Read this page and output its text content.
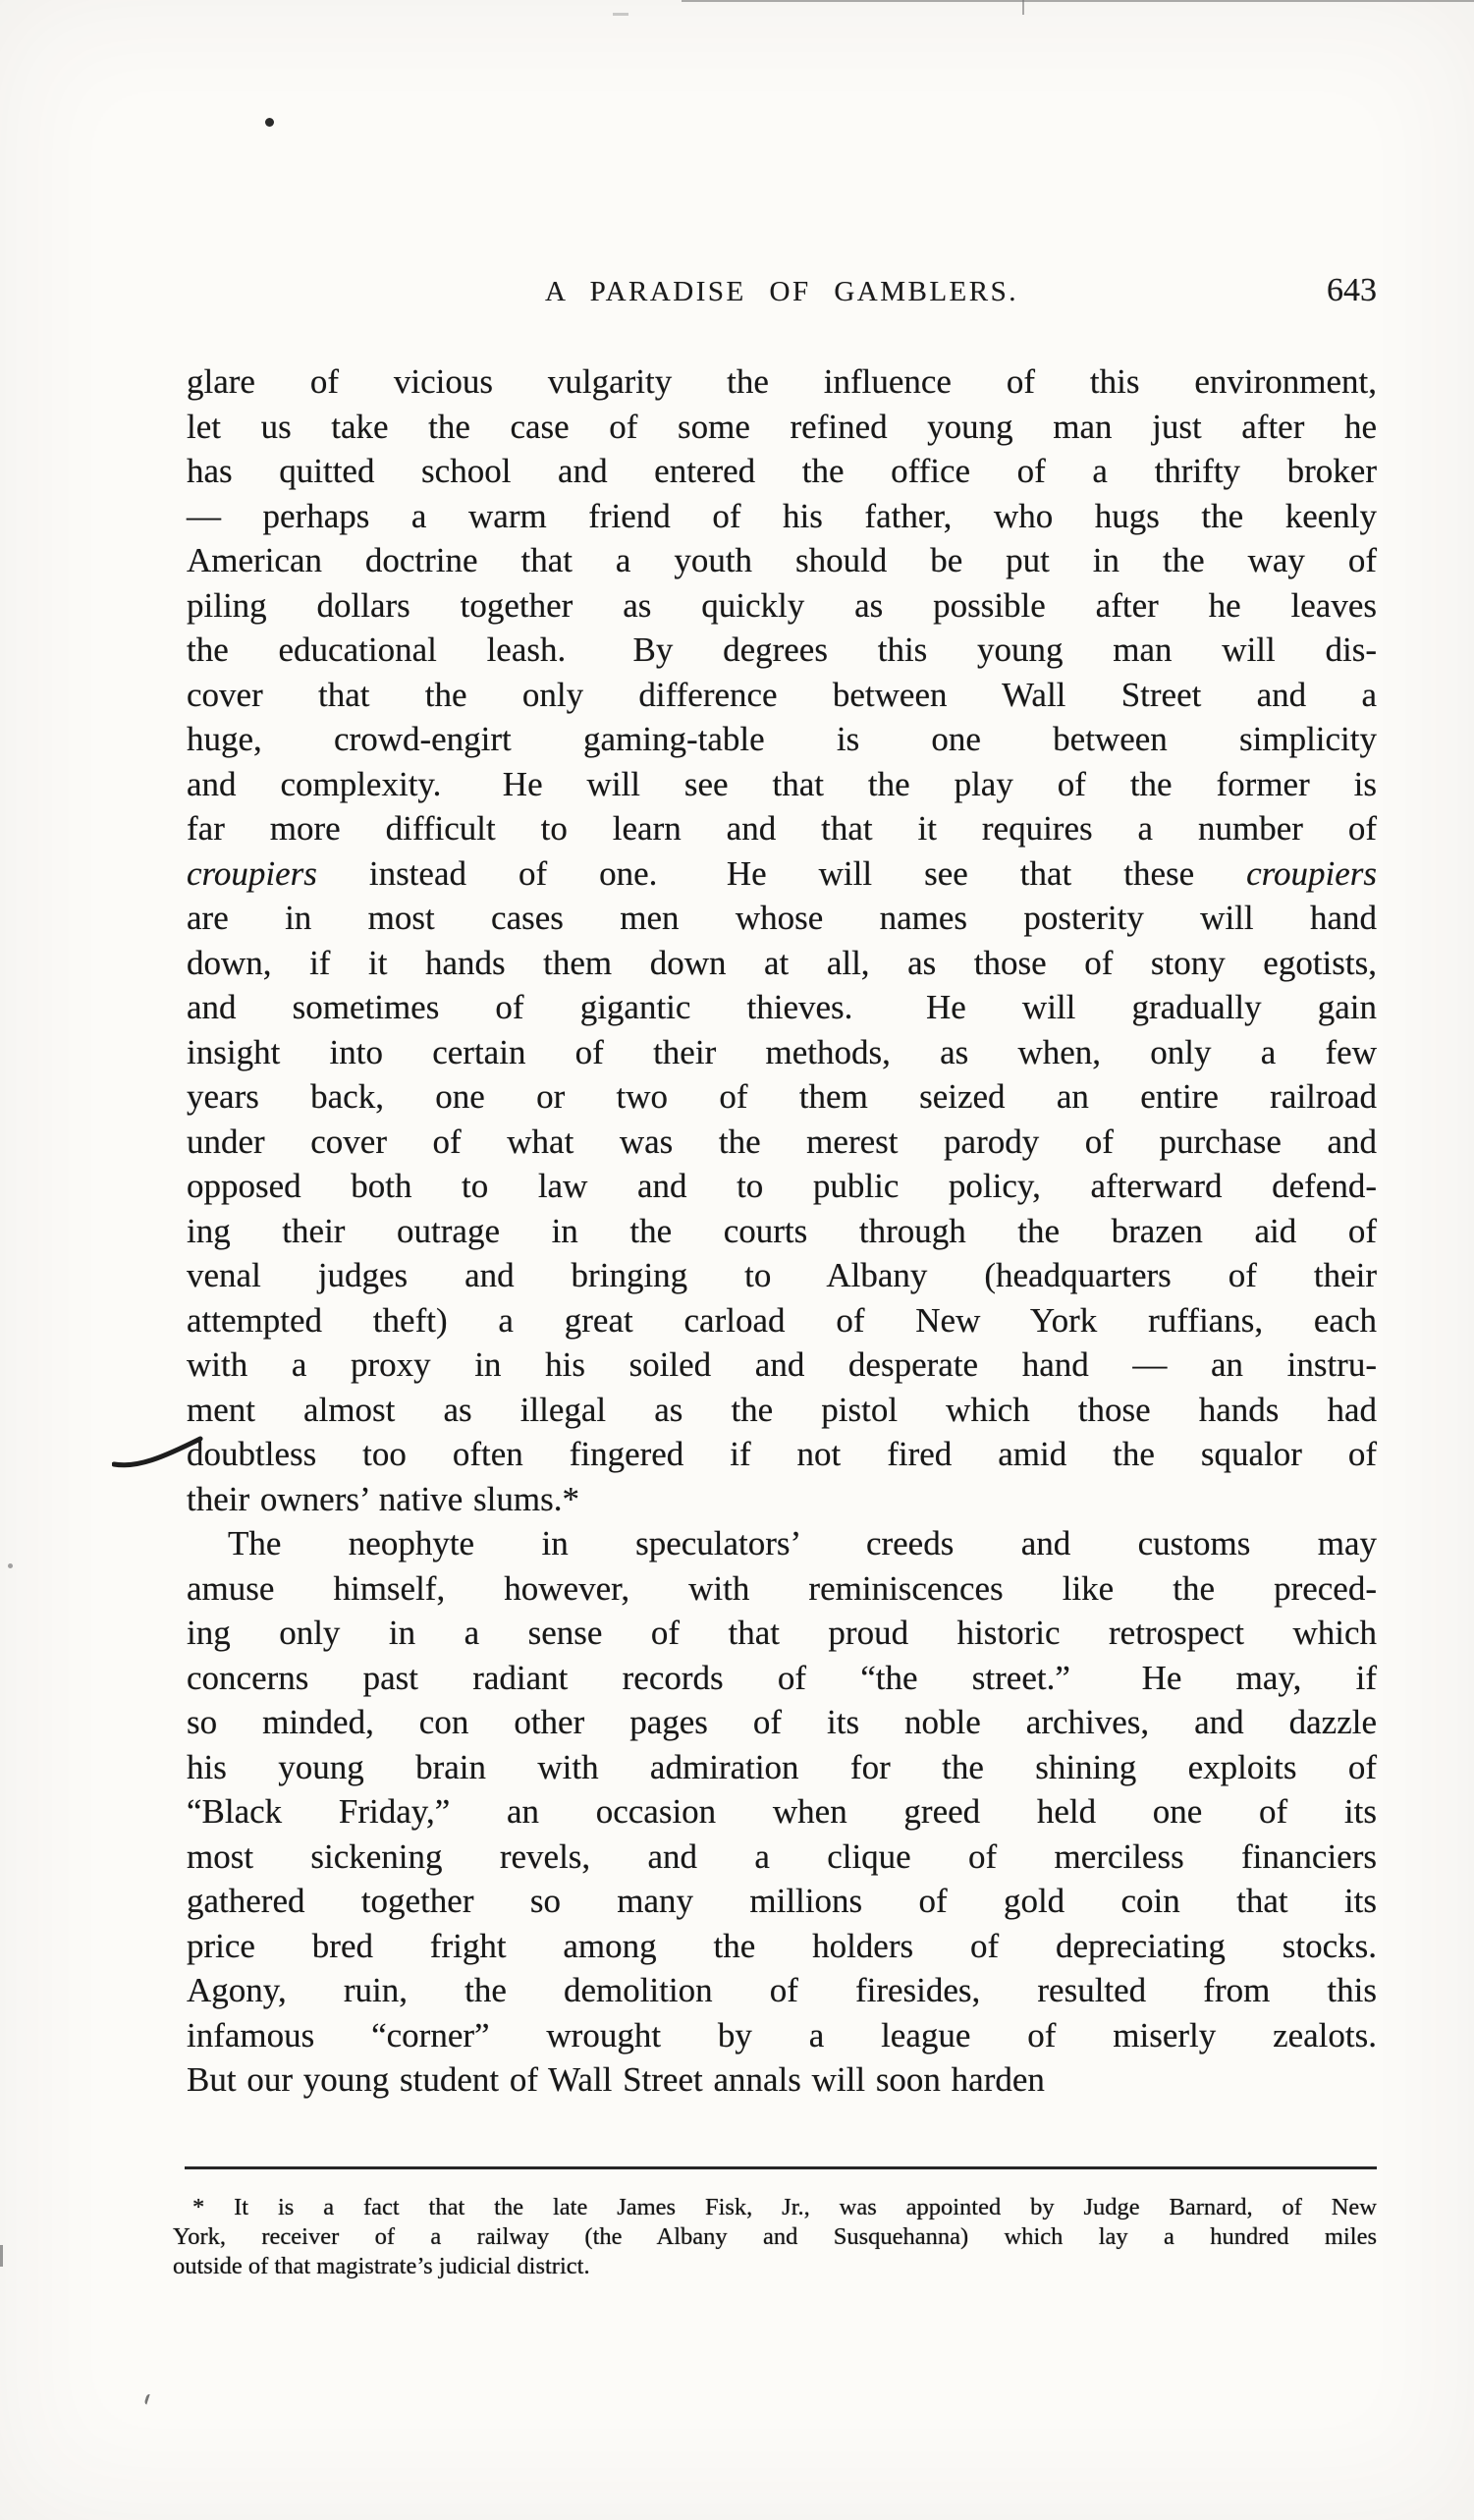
A PARADISE OF GAMBLERS.	643
glare of vicious vulgarity the influence of this environment,
let us take the case of some refined young man just after he
has quitted school and entered the office of a thrifty broker
— perhaps a warm friend of his father, who hugs the keenly
American doctrine that a youth should be put in the way of
piling dollars together as quickly as possible after he leaves
the educational leash.  By degrees this young man will dis-
cover that the only difference between Wall Street and a
huge, crowd-engirt gaming-table is one between simplicity
and complexity.  He will see that the play of the former is
far more difficult to learn and that it requires a number of
croupiers instead of one.  He will see that these croupiers
are in most cases men whose names posterity will hand
down, if it hands them down at all, as those of stony egotists,
and sometimes of gigantic thieves.  He will gradually gain
insight into certain of their methods, as when, only a few
years back, one or two of them seized an entire railroad
under cover of what was the merest parody of purchase and
opposed both to law and to public policy, afterward defend-
ing their outrage in the courts through the brazen aid of
venal judges and bringing to Albany (headquarters of their
attempted theft) a great carload of New York ruffians, each
with a proxy in his soiled and desperate hand — an instru-
ment almost as illegal as the pistol which those hands had
doubtless too often fingered if not fired amid the squalor of
their owners’ native slums.*
The neophyte in speculators’ creeds and customs may
amuse himself, however, with reminiscences like the preced-
ing only in a sense of that proud historic retrospect which
concerns past radiant records of “the street.”  He may, if
so minded, con other pages of its noble archives, and dazzle
his young brain with admiration for the shining exploits of
“Black Friday,” an occasion when greed held one of its
most sickening revels, and a clique of merciless financiers
gathered together so many millions of gold coin that its
price bred fright among the holders of depreciating stocks.
Agony, ruin, the demolition of firesides, resulted from this
infamous “corner” wrought by a league of miserly zealots.
But our young student of Wall Street annals will soon harden
* It is a fact that the late James Fisk, Jr., was appointed by Judge Barnard, of New
York, receiver of a railway (the Albany and Susquehanna) which lay a hundred miles
outside of that magistrate’s judicial district.
